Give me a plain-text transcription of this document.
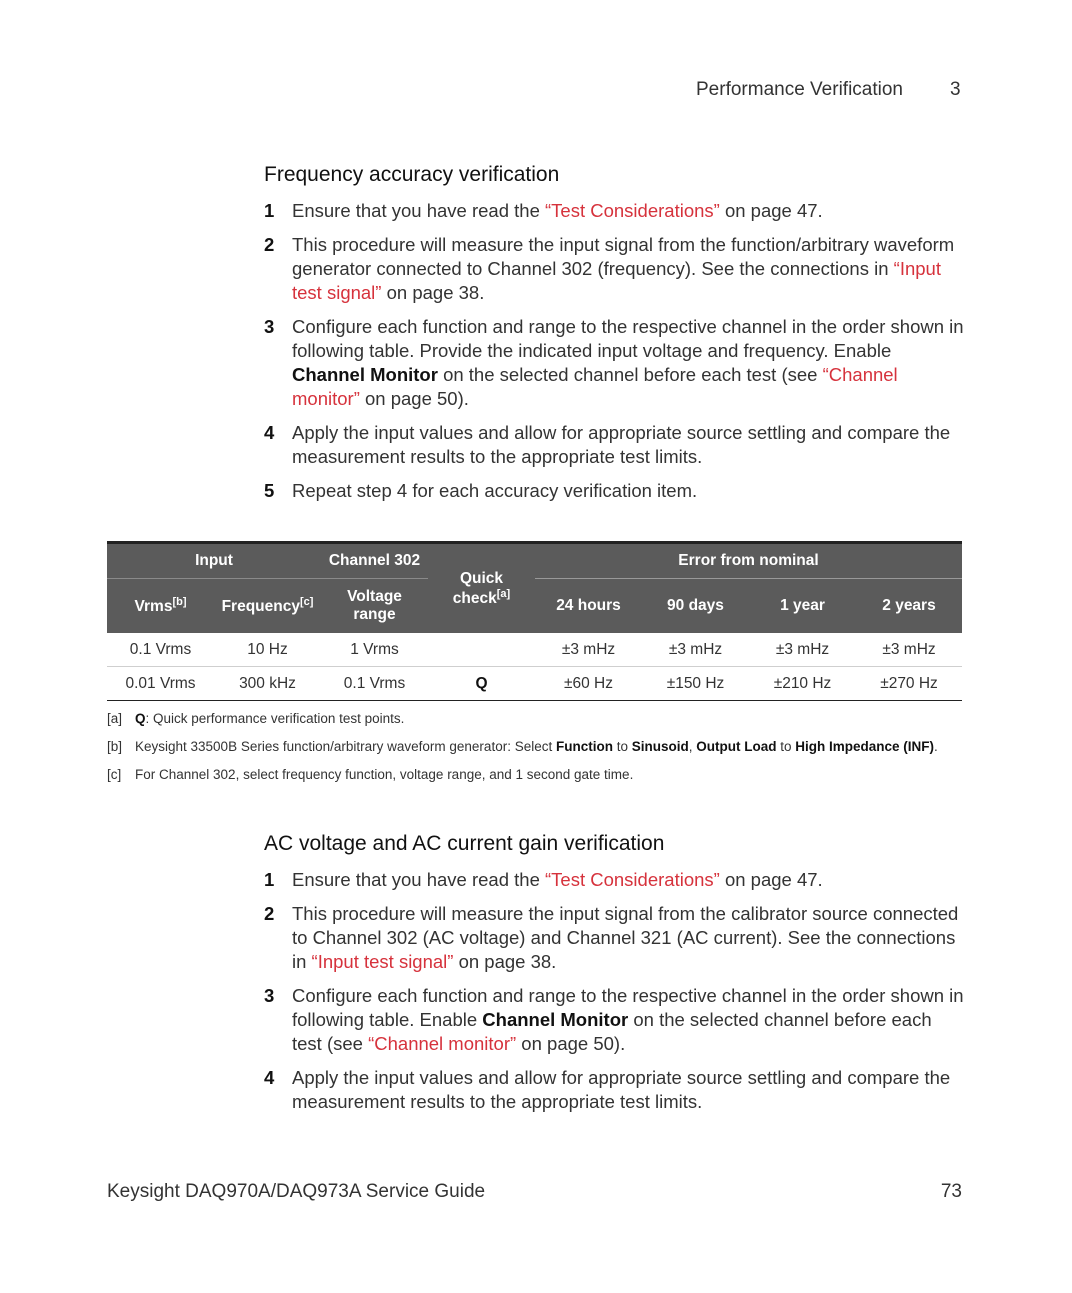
Performance Verification 3
Frequency accuracy verification
1 Ensure that you have read the “Test Considerations” on page 47.
2 This procedure will measure the input signal from the function/arbitrary waveform generator connected to Channel 302 (frequency). See the connections in “Input test signal” on page 38.
3 Configure each function and range to the respective channel in the order shown in following table. Provide the indicated input voltage and frequency. Enable Channel Monitor on the selected channel before each test (see “Channel monitor” on page 50).
4 Apply the input values and allow for appropriate source settling and compare the measurement results to the appropriate test limits.
5 Repeat step 4 for each accuracy verification item.
Input		Channel 302	Quick check[a]	Error from nominal			
Vrms[b]	Frequency[c]	Voltage range		24 hours	90 days	1 year	2 years
0.1 Vrms	10 Hz	1 Vrms		±3 mHz	±3 mHz	±3 mHz	±3 mHz
0.01 Vrms	300 kHz	0.1 Vrms	Q	±60 Hz	±150 Hz	±210 Hz	±270 Hz
[a] Q: Quick performance verification test points.
[b] Keysight 33500B Series function/arbitrary waveform generator: Select Function to Sinusoid, Output Load to High Impedance (INF).
[c] For Channel 302, select frequency function, voltage range, and 1 second gate time.
AC voltage and AC current gain verification
1 Ensure that you have read the “Test Considerations” on page 47.
2 This procedure will measure the input signal from the calibrator source connected to Channel 302 (AC voltage) and Channel 321 (AC current). See the connections in “Input test signal” on page 38.
3 Configure each function and range to the respective channel in the order shown in following table. Enable Channel Monitor on the selected channel before each test (see “Channel monitor” on page 50).
4 Apply the input values and allow for appropriate source settling and compare the measurement results to the appropriate test limits.
Keysight DAQ970A/DAQ973A Service Guide	73
